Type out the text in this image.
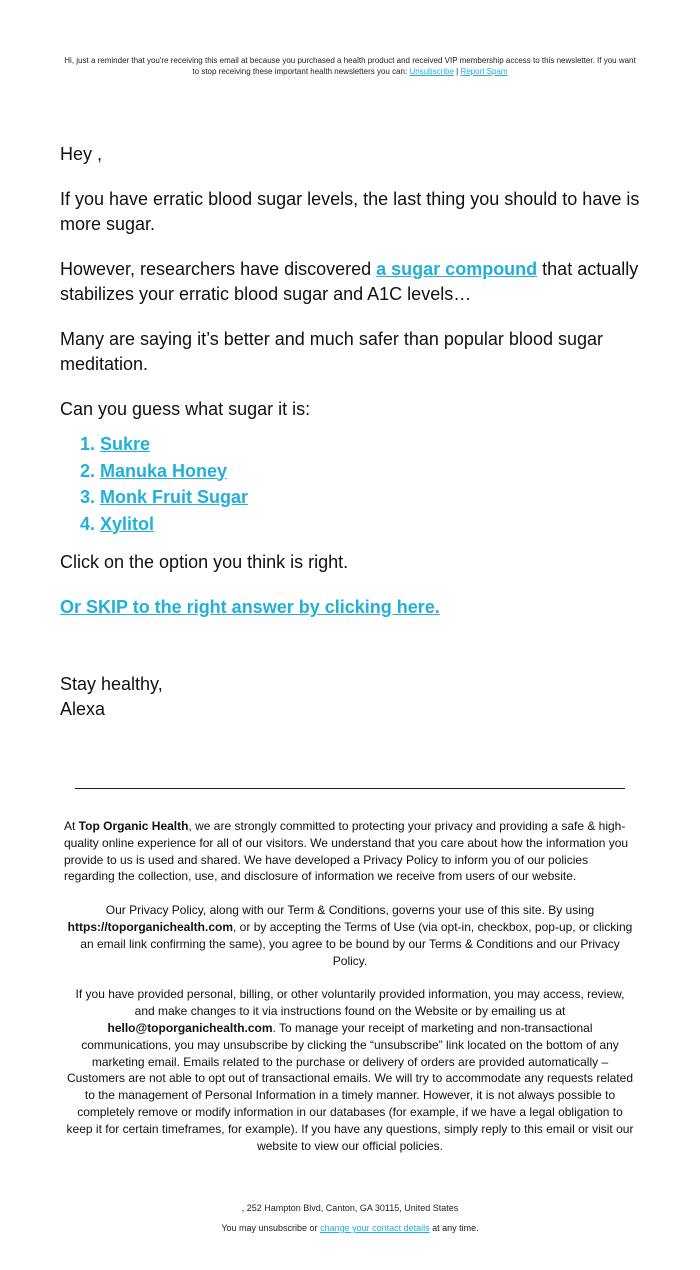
Hi, just a reminder that you're receiving this email at because you purchased a health product and received VIP membership access to this newsletter. If you want to stop receiving these important health newsletters you can: Unsubscribe | Report Spam

Hey ,

If you have erratic blood sugar levels, the last thing you should to have is more sugar.

However, researchers have discovered a sugar compound that actually stabilizes your erratic blood sugar and A1C levels…

Many are saying it’s better and much safer than popular blood sugar meditation.

Can you guess what sugar it is:

1. Sukre
2. Manuka Honey
3. Monk Fruit Sugar
4. Xylitol

Click on the option you think is right.

Or SKIP to the right answer by clicking here.

Stay healthy,
Alexa

At Top Organic Health, we are strongly committed to protecting your privacy and providing a safe & high-quality online experience for all of our visitors. We understand that you care about how the information you provide to us is used and shared. We have developed a Privacy Policy to inform you of our policies regarding the collection, use, and disclosure of information we receive from users of our website.

Our Privacy Policy, along with our Term & Conditions, governs your use of this site. By using https://toporganichealth.com, or by accepting the Terms of Use (via opt-in, checkbox, pop-up, or clicking an email link confirming the same), you agree to be bound by our Terms & Conditions and our Privacy Policy.

If you have provided personal, billing, or other voluntarily provided information, you may access, review, and make changes to it via instructions found on the Website or by emailing us at hello@toporganichealth.com. To manage your receipt of marketing and non-transactional communications, you may unsubscribe by clicking the “unsubscribe” link located on the bottom of any marketing email. Emails related to the purchase or delivery of orders are provided automatically – Customers are not able to opt out of transactional emails. We will try to accommodate any requests related to the management of Personal Information in a timely manner. However, it is not always possible to completely remove or modify information in our databases (for example, if we have a legal obligation to keep it for certain timeframes, for example). If you have any questions, simply reply to this email or visit our website to view our official policies.

, 252 Hampton Blvd, Canton, GA 30115, United States

You may unsubscribe or change your contact details at any time.
